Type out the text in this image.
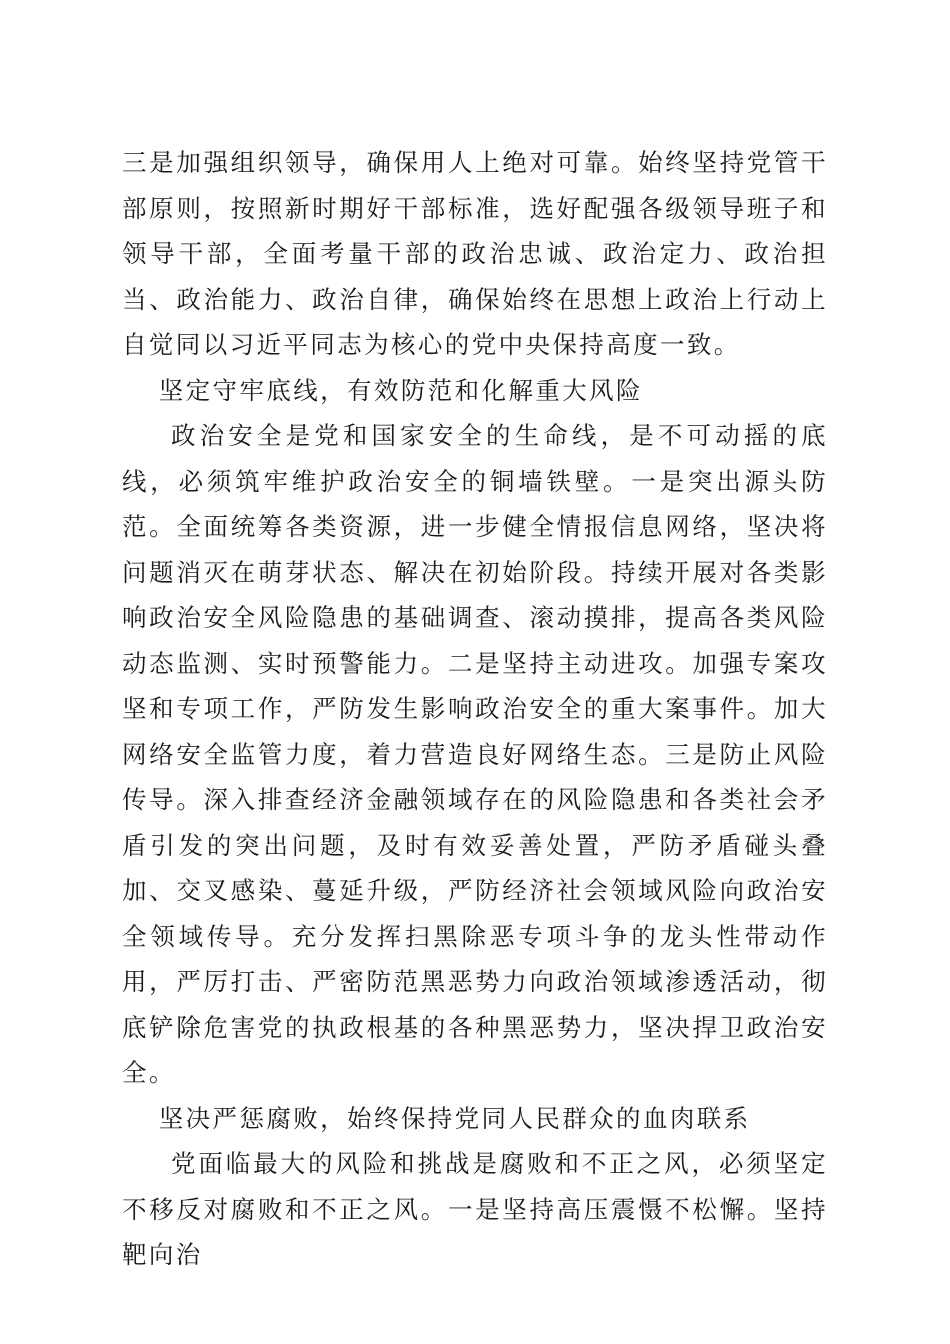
三是加强组织领导，确保用人上绝对可靠。始终坚持党管干部原则，按照新时期好干部标准，选好配强各级领导班子和领导干部，全面考量干部的政治忠诚、政治定力、政治担当、政治能力、政治自律，确保始终在思想上政治上行动上自觉同以习近平同志为核心的党中央保持高度一致。

坚定守牢底线，有效防范和化解重大风险

政治安全是党和国家安全的生命线，是不可动摇的底线，必须筑牢维护政治安全的铜墙铁壁。一是突出源头防范。全面统筹各类资源，进一步健全情报信息网络，坚决将问题消灭在萌芽状态、解决在初始阶段。持续开展对各类影响政治安全风险隐患的基础调查、滚动摸排，提高各类风险动态监测、实时预警能力。二是坚持主动进攻。加强专案攻坚和专项工作，严防发生影响政治安全的重大案事件。加大网络安全监管力度，着力营造良好网络生态。三是防止风险传导。深入排查经济金融领域存在的风险隐患和各类社会矛盾引发的突出问题，及时有效妥善处置，严防矛盾碰头叠加、交叉感染、蔓延升级，严防经济社会领域风险向政治安全领域传导。充分发挥扫黑除恶专项斗争的龙头性带动作用，严厉打击、严密防范黑恶势力向政治领域渗透活动，彻底铲除危害党的执政根基的各种黑恶势力，坚决捍卫政治安全。

坚决严惩腐败，始终保持党同人民群众的血肉联系

党面临最大的风险和挑战是腐败和不正之风，必须坚定不移反对腐败和不正之风。一是坚持高压震慑不松懈。坚持靶向治
